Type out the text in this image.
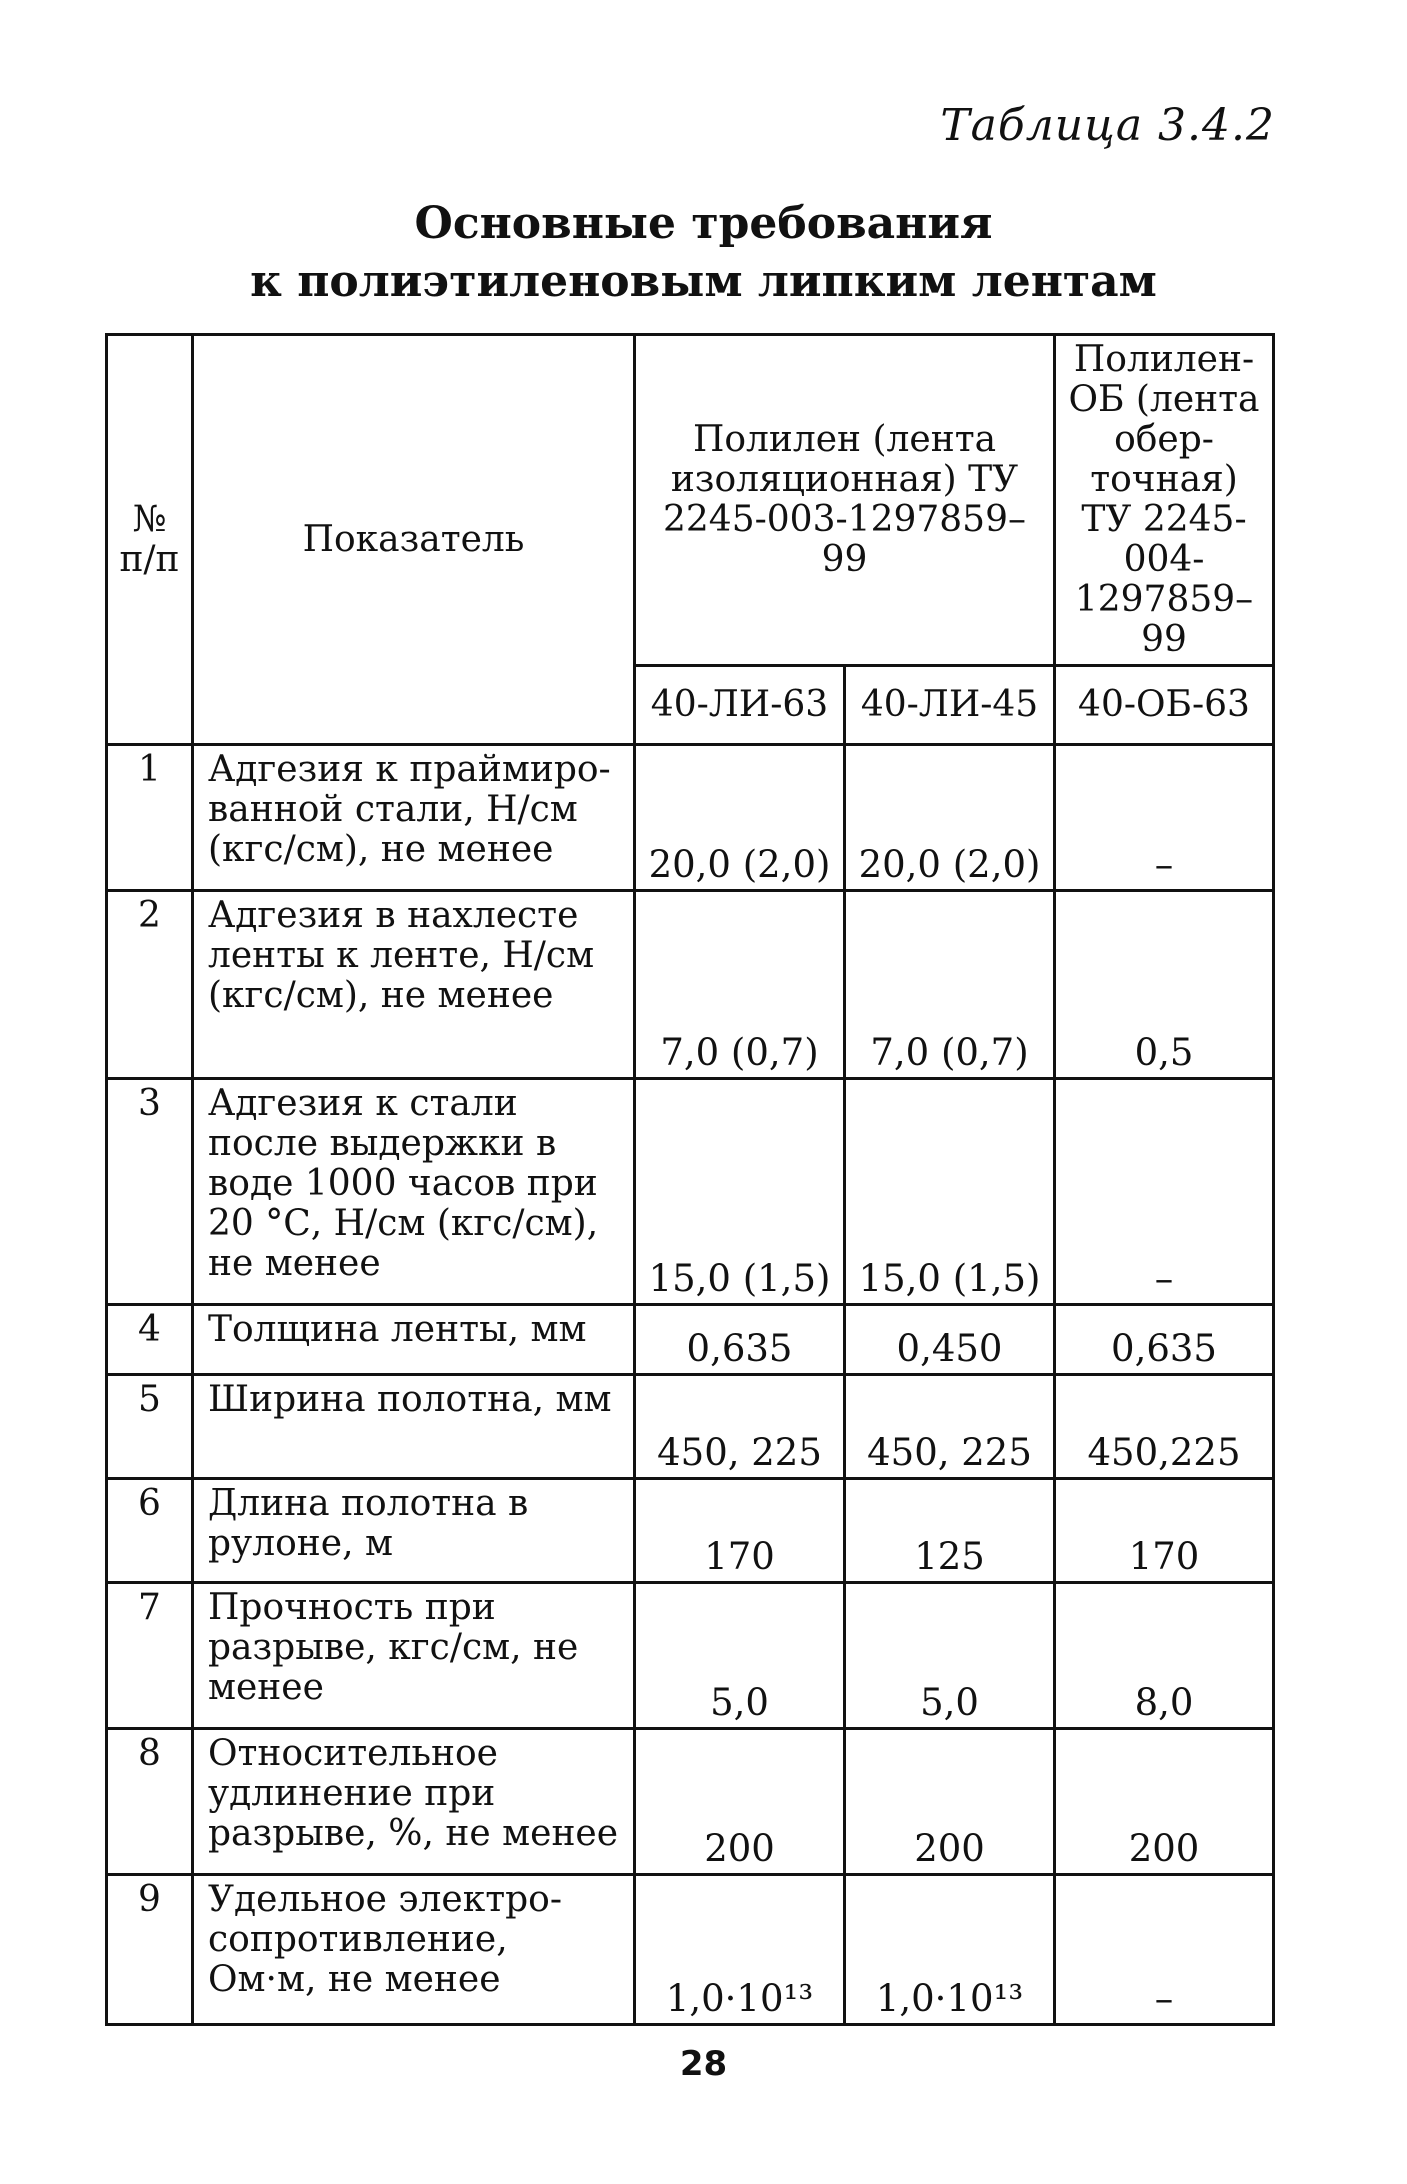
Таблица 3.4.2
Основные требования
к полиэтиленовым липким лентам
№ п/п	Показатель	Полилен (лента изоляционная) ТУ 2245-003-1297859–99		Полилен-ОБ (лента обер-точная) ТУ 2245-004-1297859–99
		40-ЛИ-63	40-ЛИ-45	40-ОБ-63
1	Адгезия к праймиро-ванной стали, Н/см (кгс/см), не менее	20,0 (2,0)	20,0 (2,0)	–
2	Адгезия в нахлесте ленты к ленте, Н/см (кгс/см), не менее	7,0 (0,7)	7,0 (0,7)	0,5
3	Адгезия к стали после выдержки в воде 1000 часов при 20 °С, Н/см (кгс/см), не менее	15,0 (1,5)	15,0 (1,5)	–
4	Толщина ленты, мм	0,635	0,450	0,635
5	Ширина полотна, мм	450, 225	450, 225	450,225
6	Длина полотна в рулоне, м	170	125	170
7	Прочность при разрыве, кгс/см, не менее	5,0	5,0	8,0
8	Относительное удлинение при разрыве, %, не менее	200	200	200
9	Удельное электро-сопротивление, Ом·м, не менее	1,0·10¹³	1,0·10¹³	–
28
